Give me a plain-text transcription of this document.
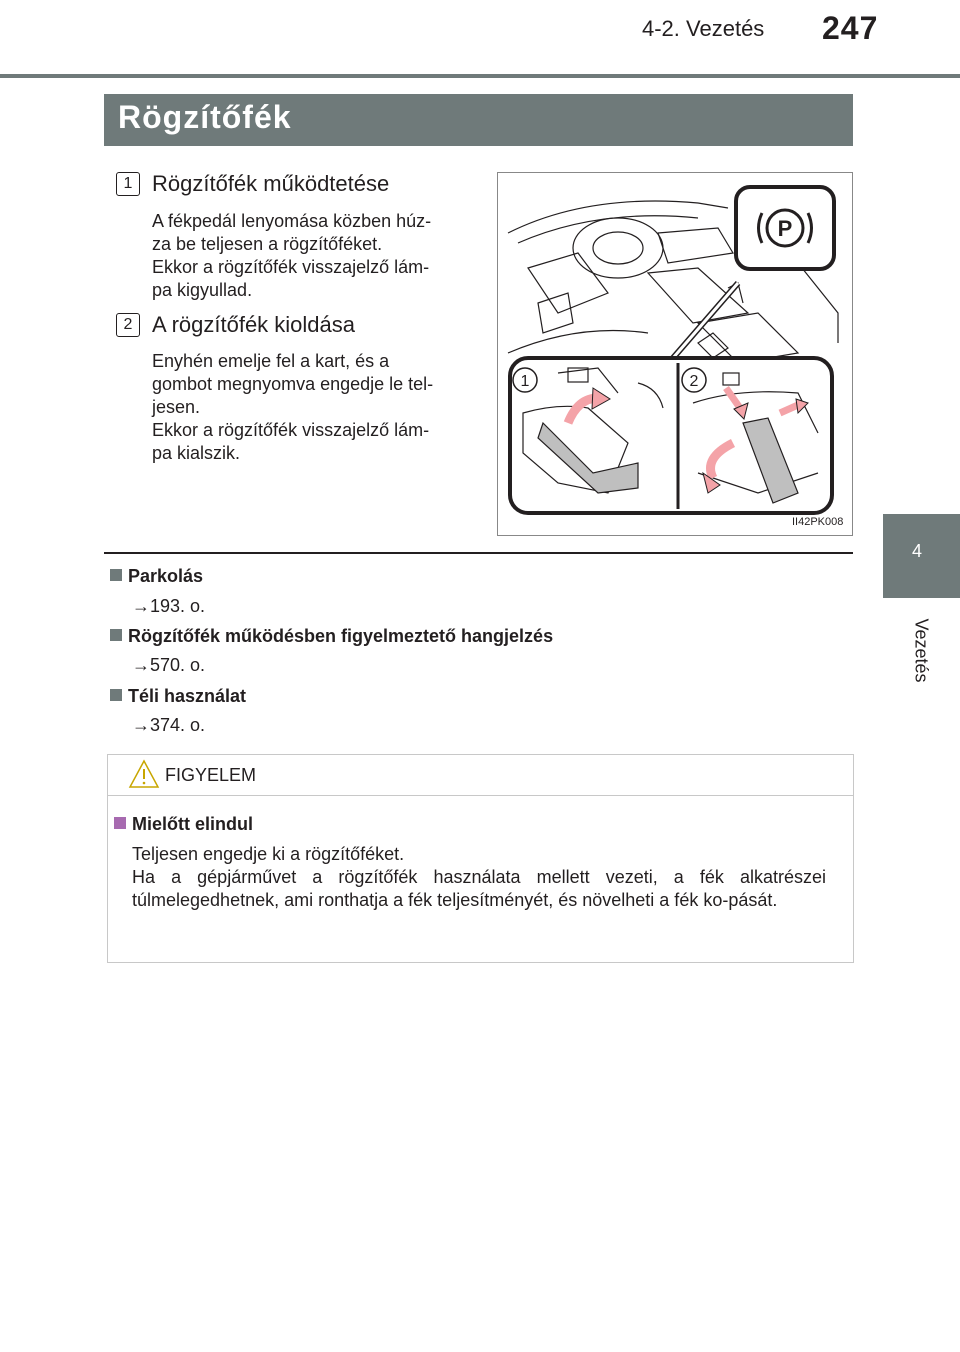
4-2. Vezetés 247
4
Vezetés
Rögzítőfék
1 Rögzítőfék működtetése
A fékpedál lenyomása közben húz-
za be teljesen a rögzítőféket.
Ekkor a rögzítőfék visszajelző lám-
pa kigyullad.
2 A rögzítőfék kioldása
Enyhén emelje fel a kart, és a
gombot megnyomva engedje le tel-
jesen.
Ekkor a rögzítőfék visszajelző lám-
pa kialszik.
P
1	2
II42PK008
Parkolás
→193. o.
Rögzítőfék működésben figyelmeztető hangjelzés
→570. o.
Téli használat
→374. o.
FIGYELEM
Mielőtt elindul
Teljesen engedje ki a rögzítőféket.
Ha a gépjárművet a rögzítőfék használata mellett vezeti, a fék alkatrészei túlmelegedhetnek, ami ronthatja a fék teljesítményét, és növelheti a fék ko-pását.
